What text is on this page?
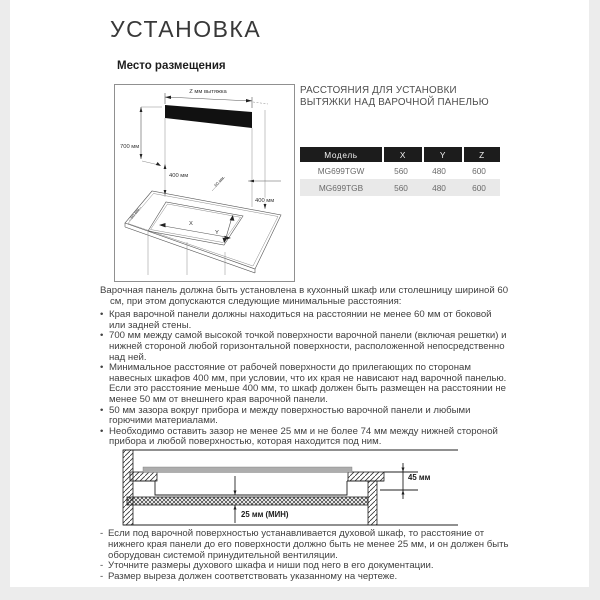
УСТАНОВКА
Место размещения
Z мм вытяжка
700 мм
400 мм
400 мм
X
Y
60 мм
60 мм
РАССТОЯНИЯ ДЛЯ УСТАНОВКИ
ВЫТЯЖКИ НАД ВАРОЧНОЙ ПАНЕЛЬЮ
Модель	X	Y	Z
MG699TGW	560	480	600
MG699TGB	560	480	600

Варочная панель должна быть установлена в кухонный шкаф или столешницу шириной 60 см, при этом допускаются следующие минимальные расстояния:

• Края варочной панели должны находиться на расстоянии не менее 60 мм от боковой или задней стены.
• 700 мм между самой высокой точкой поверхности варочной панели (включая решетки) и нижней стороной любой горизонтальной поверхности, расположенной непосредственно над ней.
• Минимальное расстояние от рабочей поверхности до прилегающих по сторонам навесных шкафов 400 мм, при условии, что их края не нависают над варочной панелью. Если это расстояние меньше 400 мм, то шкаф должен быть размещен на расстоянии не менее 50 мм от внешнего края варочной панели.
• 50 мм зазора вокруг прибора и между поверхностью варочной панели и любыми горючими материалами.
• Необходимо оставить зазор не менее 25 мм и не более 74 мм между нижней стороной прибора и любой поверхностью, которая находится под ним.
45 мм
25 мм (МИН)
- Если под варочной поверхностью устанавливается духовой шкаф, то расстояние от нижнего края панели до его поверхности должно быть не менее 25 мм, и он должен быть оборудован системой принудительной вентиляции.
- Уточните размеры духового шкафа и ниши под него в его документации.
- Размер выреза должен соответствовать указанному на чертеже.
